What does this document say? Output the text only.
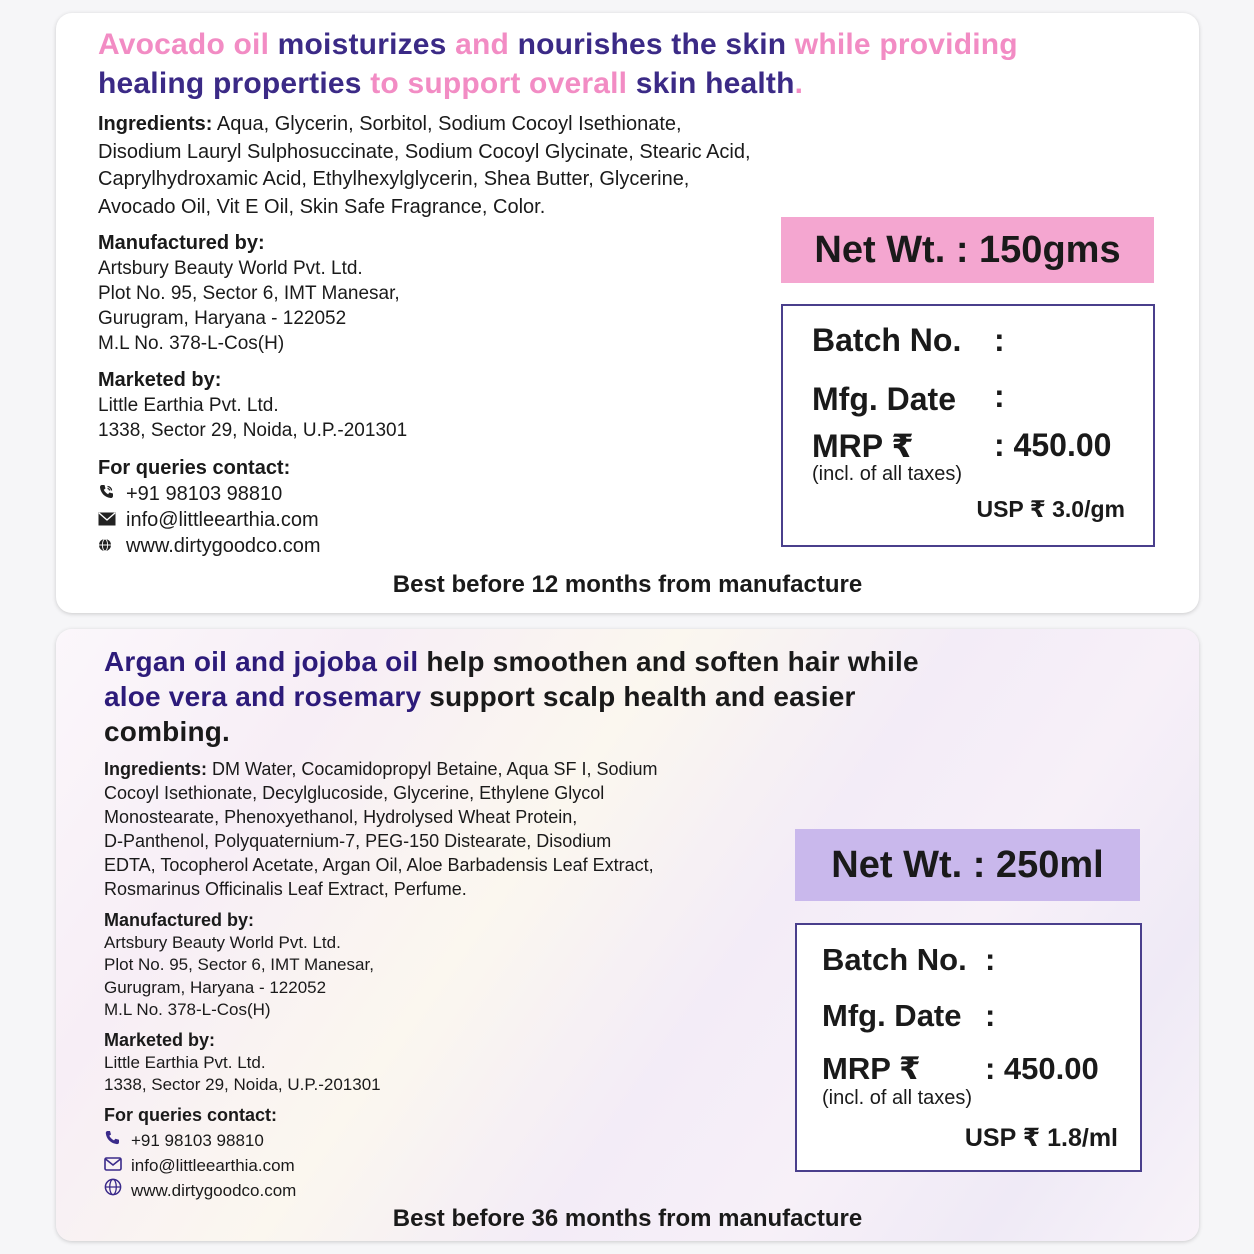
Avocado oil moisturizes and nourishes the skin while providing
healing properties to support overall skin health.
Ingredients: Aqua, Glycerin, Sorbitol, Sodium Cocoyl Isethionate,
Disodium Lauryl Sulphosuccinate, Sodium Cocoyl Glycinate, Stearic Acid,
Caprylhydroxamic Acid, Ethylhexylglycerin, Shea Butter, Glycerine,
Avocado Oil, Vit E Oil, Skin Safe Fragrance, Color.
Manufactured by:
Artsbury Beauty World Pvt. Ltd.
Plot No. 95, Sector 6, IMT Manesar,
Gurugram, Haryana - 122052
M.L No. 378-L-Cos(H)
Marketed by:
Little Earthia Pvt. Ltd.
1338, Sector 29, Noida, U.P.-201301
For queries contact:
+91 98103 98810
info@littleearthia.com
www.dirtygoodco.com
Net Wt. : 150gms
Batch No. :
Mfg. Date :
MRP ₹	: 450.00
(incl. of all taxes)
USP ₹ 3.0/gm
Best before 12 months from manufacture
Argan oil and jojoba oil help smoothen and soften hair while
aloe vera and rosemary support scalp health and easier
combing.
Ingredients: DM Water, Cocamidopropyl Betaine, Aqua SF I, Sodium
Cocoyl Isethionate, Decylglucoside, Glycerine, Ethylene Glycol
Monostearate, Phenoxyethanol, Hydrolysed Wheat Protein,
D-Panthenol, Polyquaternium-7, PEG-150 Distearate, Disodium
EDTA, Tocopherol Acetate, Argan Oil, Aloe Barbadensis Leaf Extract,
Rosmarinus Officinalis Leaf Extract, Perfume.
Manufactured by:
Artsbury Beauty World Pvt. Ltd.
Plot No. 95, Sector 6, IMT Manesar,
Gurugram, Haryana - 122052
M.L No. 378-L-Cos(H)
Marketed by:
Little Earthia Pvt. Ltd.
1338, Sector 29, Noida, U.P.-201301
For queries contact:
+91 98103 98810
info@littleearthia.com
www.dirtygoodco.com
Net Wt. : 250ml
Batch No. :
Mfg. Date :
MRP ₹ : 450.00
(incl. of all taxes)
USP ₹ 1.8/ml
Best before 36 months from manufacture
